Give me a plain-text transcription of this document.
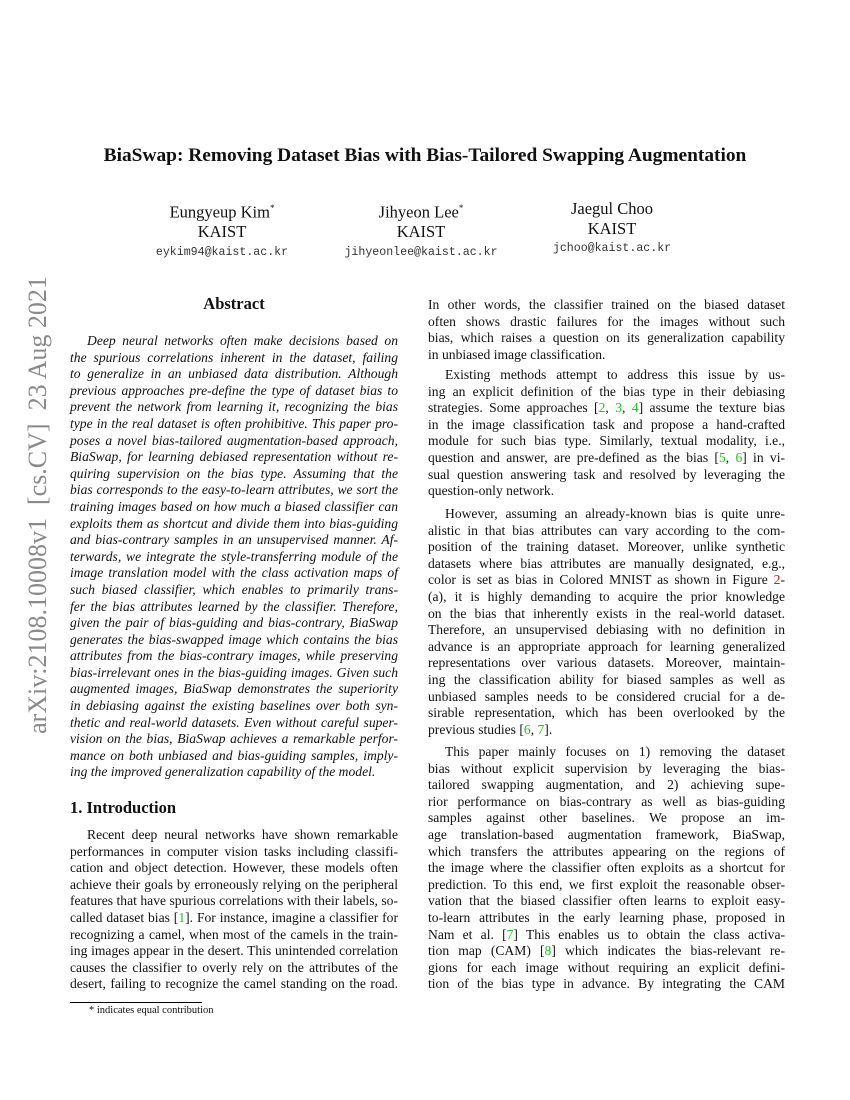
arXiv:2108.10008v1  [cs.CV]  23 Aug 2021
BiaSwap: Removing Dataset Bias with Bias-Tailored Swapping Augmentation
Eungyeup Kim*
KAIST
eykim94@kaist.ac.kr
Jihyeon Lee*
KAIST
jihyeonlee@kaist.ac.kr
Jaegul Choo
KAIST
jchoo@kaist.ac.kr
Abstract
Deep neural networks often make decisions based on
the spurious correlations inherent in the dataset, failing
to generalize in an unbiased data distribution. Although
previous approaches pre-define the type of dataset bias to
prevent the network from learning it, recognizing the bias
type in the real dataset is often prohibitive. This paper pro-
poses a novel bias-tailored augmentation-based approach,
BiaSwap, for learning debiased representation without re-
quiring supervision on the bias type. Assuming that the
bias corresponds to the easy-to-learn attributes, we sort the
training images based on how much a biased classifier can
exploits them as shortcut and divide them into bias-guiding
and bias-contrary samples in an unsupervised manner. Af-
terwards, we integrate the style-transferring module of the
image translation model with the class activation maps of
such biased classifier, which enables to primarily trans-
fer the bias attributes learned by the classifier. Therefore,
given the pair of bias-guiding and bias-contrary, BiaSwap
generates the bias-swapped image which contains the bias
attributes from the bias-contrary images, while preserving
bias-irrelevant ones in the bias-guiding images. Given such
augmented images, BiaSwap demonstrates the superiority
in debiasing against the existing baselines over both syn-
thetic and real-world datasets. Even without careful super-
vision on the bias, BiaSwap achieves a remarkable perfor-
mance on both unbiased and bias-guiding samples, imply-
ing the improved generalization capability of the model.
1. Introduction
Recent deep neural networks have shown remarkable
performances in computer vision tasks including classifi-
cation and object detection. However, these models often
achieve their goals by erroneously relying on the peripheral
features that have spurious correlations with their labels, so-
called dataset bias [1]. For instance, imagine a classifier for
recognizing a camel, when most of the camels in the train-
ing images appear in the desert. This unintended correlation
causes the classifier to overly rely on the attributes of the
desert, failing to recognize the camel standing on the road.
In other words, the classifier trained on the biased dataset
often shows drastic failures for the images without such
bias, which raises a question on its generalization capability
in unbiased image classification.
Existing methods attempt to address this issue by us-
ing an explicit definition of the bias type in their debiasing
strategies. Some approaches [2, 3, 4] assume the texture bias
in the image classification task and propose a hand-crafted
module for such bias type. Similarly, textual modality, i.e.,
question and answer, are pre-defined as the bias [5, 6] in vi-
sual question answering task and resolved by leveraging the
question-only network.
However, assuming an already-known bias is quite unre-
alistic in that bias attributes can vary according to the com-
position of the training dataset. Moreover, unlike synthetic
datasets where bias attributes are manually designated, e.g.,
color is set as bias in Colored MNIST as shown in Figure 2-
(a), it is highly demanding to acquire the prior knowledge
on the bias that inherently exists in the real-world dataset.
Therefore, an unsupervised debiasing with no definition in
advance is an appropriate approach for learning generalized
representations over various datasets. Moreover, maintain-
ing the classification ability for biased samples as well as
unbiased samples needs to be considered crucial for a de-
sirable representation, which has been overlooked by the
previous studies [6, 7].
This paper mainly focuses on 1) removing the dataset
bias without explicit supervision by leveraging the bias-
tailored swapping augmentation, and 2) achieving supe-
rior performance on bias-contrary as well as bias-guiding
samples against other baselines. We propose an im-
age translation-based augmentation framework, BiaSwap,
which transfers the attributes appearing on the regions of
the image where the classifier often exploits as a shortcut for
prediction. To this end, we first exploit the reasonable obser-
vation that the biased classifier often learns to exploit easy-
to-learn attributes in the early learning phase, proposed in
Nam et al. [7] This enables us to obtain the class activa-
tion map (CAM) [8] which indicates the bias-relevant re-
gions for each image without requiring an explicit defini-
tion of the bias type in advance. By integrating the CAM
* indicates equal contribution
